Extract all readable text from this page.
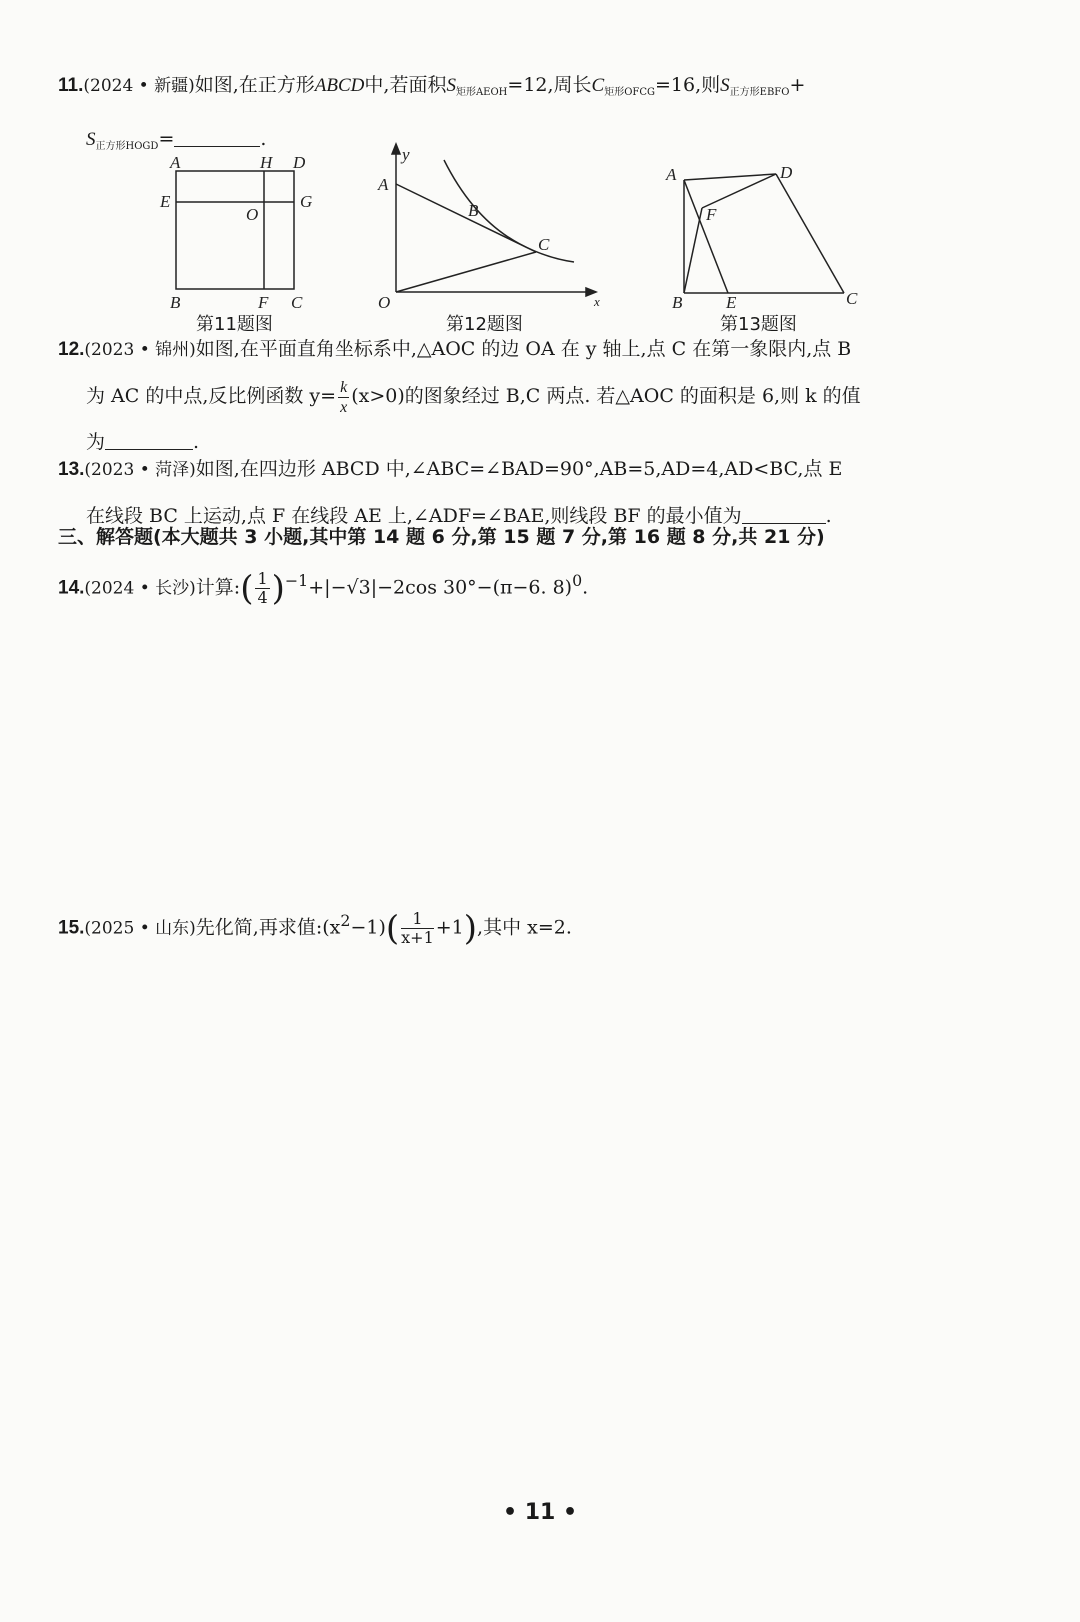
11.(2024 • 新疆)如图,在正方形ABCD中,若面积$S_{矩形AEOH}=12$,周长$C_{矩形OFCG}=16$,则$S_{正方形EBFO}+$
$S_{正方形HOGD}=$	.
A	H D
E
O
G
B	F C
第11题图
y
x
A
B
C
O
第12题图
A	D
F
B	E	C
第13题图
12.(2023 • 锦州)如图,在平面直角坐标系中,△AOC 的边 OA 在 y 轴上,点 C 在第一象限内,点 B
为 AC 的中点,反比例函数 $y= \frac{k}{x} (x>0)$的图象经过 B,C 两点. 若△AOC 的面积是 6,则 k 的值
为	.
13.(2023 • 菏泽)如图,在四边形 ABCD 中,∠ABC=∠BAD=90°,AB=5,AD=4,AD<BC,点 E
在线段 BC 上运动,点 F 在线段 AE 上,∠ADF=∠BAE,则线段 BF 的最小值为	.
三、解答题(本大题共 3 小题,其中第 14 题 6 分,第 15 题 7 分,第 16 题 8 分,共 21 分)
14.(2024 • 长沙)计算:( $\frac{1}{4} )^{-1}+|-√3|-2\cos$ 30°−(π−6. 8)$^0$.
15.(2025 • 山东)先化简,再求值$:(x^2-1)( \frac{1}{x+1} +1)$,其中 x=2.
• 11 •
